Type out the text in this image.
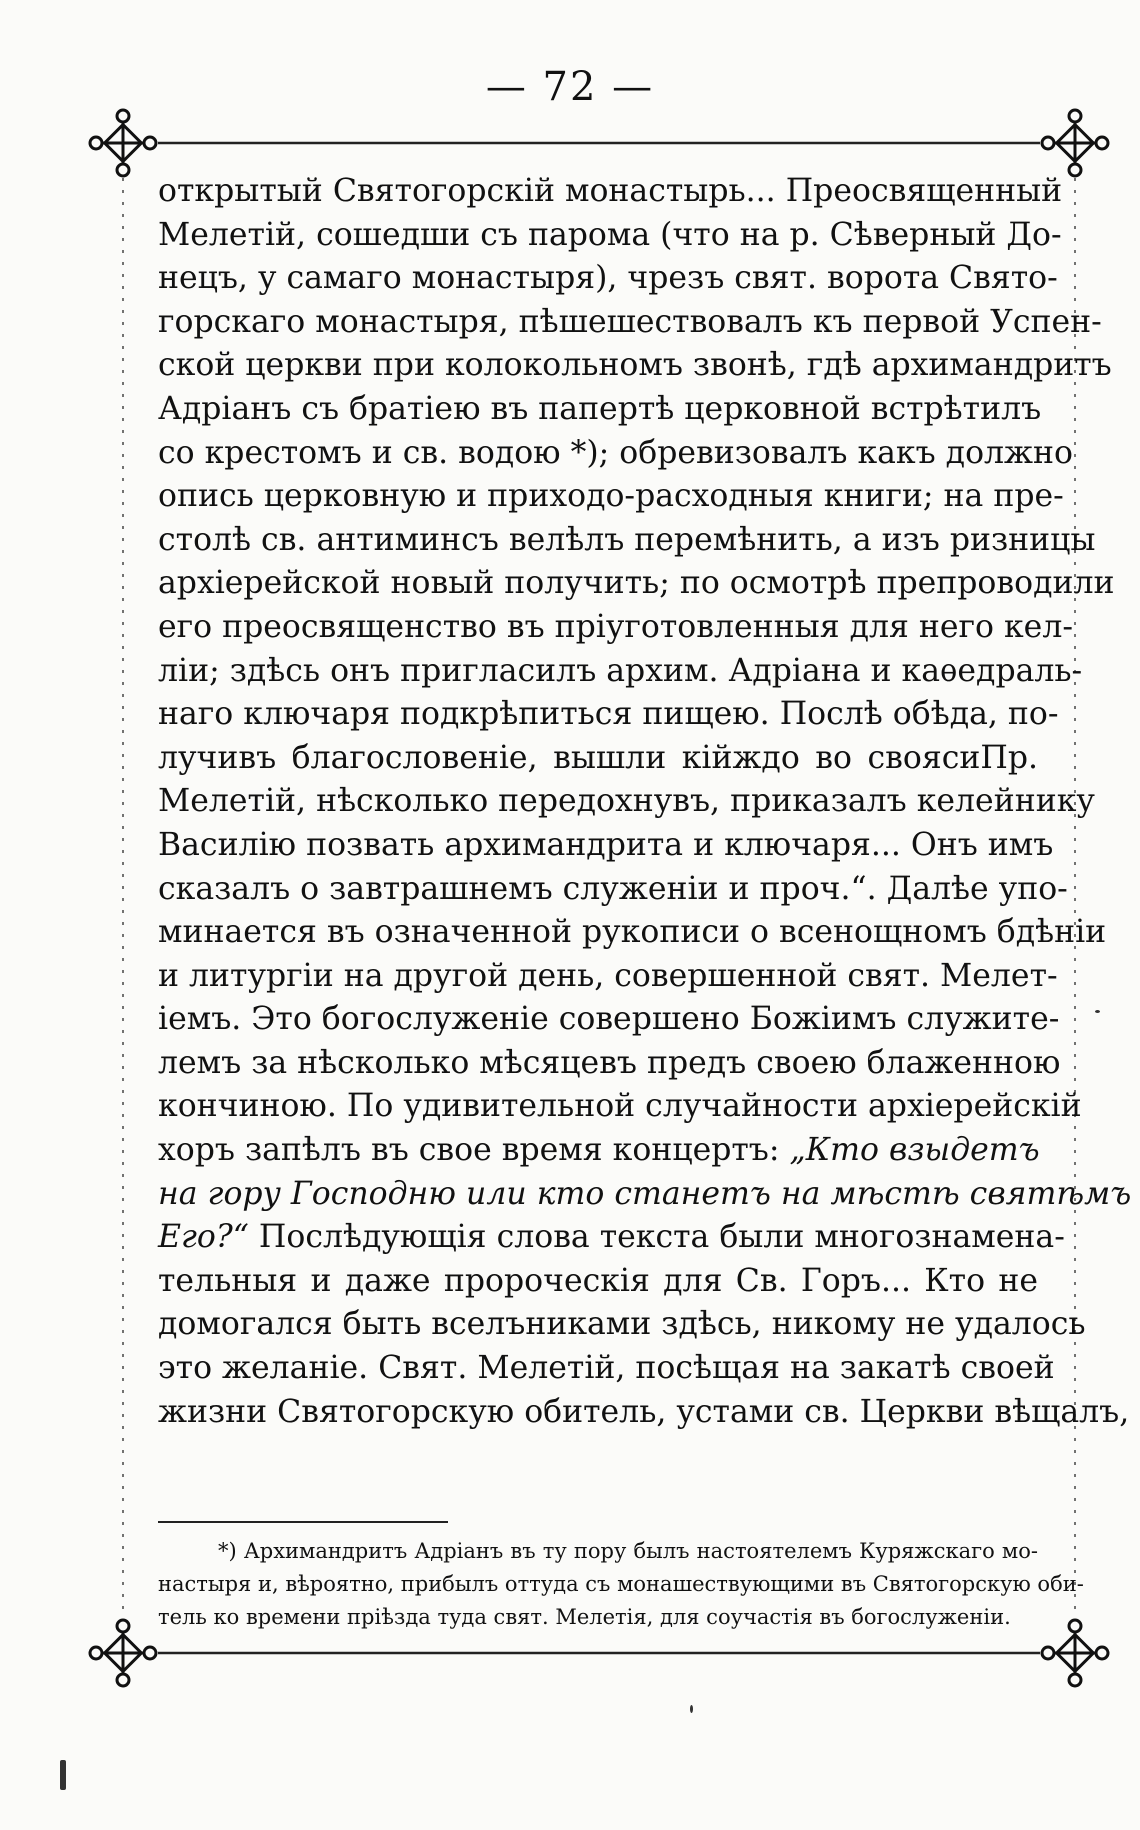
— 72 —
открытый Святогорскій монастырь... Преосвященный
Мелетій, сошедши съ парома (что на р. Сѣверный До-
нецъ, у самаго монастыря), чрезъ свят. ворота Свято-
горскаго монастыря, пѣшешествовалъ къ первой Успен-
ской церкви при колокольномъ звонѣ, гдѣ архимандритъ
Адріанъ съ братіею въ папертѣ церковной встрѣтилъ
со крестомъ и св. водою *); обревизовалъ какъ должно
опись церковную и приходо-расходныя книги; на пре-
столѣ св. антиминсъ велѣлъ перемѣнить, а изъ ризницы
архіерейской новый получить; по осмотрѣ препроводили
его преосвященство въ пріуготовленныя для него кел-
ліи; здѣсь онъ пригласилъ архим. Адріана и каѳедраль-
наго ключаря подкрѣпиться пищею. Послѣ обѣда, по-
лучивъ благословеніе, вышли кійждо во своясиПр.
Мелетій, нѣсколько передохнувъ, приказалъ келейнику
Василію позвать архимандрита и ключаря... Онъ имъ
сказалъ о завтрашнемъ служеніи и проч.“. Далѣе упо-
минается въ означенной рукописи о всенощномъ бдѣніи
и литургіи на другой день, совершенной свят. Мелет-
іемъ. Это богослуженіе совершено Божіимъ служите-
лемъ за нѣсколько мѣсяцевъ предъ своею блаженною
кончиною. По удивительной случайности архіерейскій
хоръ запѣлъ въ свое время концертъ: „Кто взыдетъ
на гору Господню или кто станетъ на мѣстѣ святѣмъ
Его?“ Послѣдующія слова текста были многознамена-
тельныя и даже пророческія для Св. Горъ... Кто не
домогался быть вселъниками здѣсь, никому не удалось
это желаніе. Свят. Мелетій, посѣщая на закатѣ своей
жизни Святогорскую обитель, устами св. Церкви вѣщалъ,
*) Архимандритъ Адріанъ въ ту пору былъ настоятелемъ Куряжскаго мо-
настыря и, вѣроятно, прибылъ оттуда съ монашествующими въ Святогорскую оби-
тель ко времени пріѣзда туда свят. Мелетія, для соучастія въ богослуженіи.
